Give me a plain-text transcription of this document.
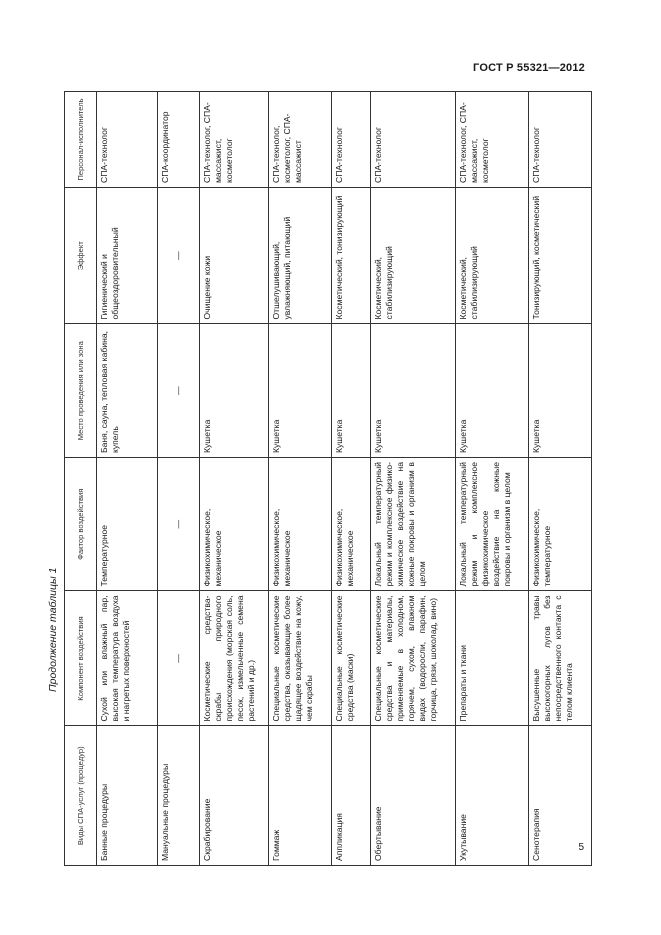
ГОСТ Р 55321—2012
Продолжение таблицы 1
Виды СПА-услуг (процедур)	Компонент воздействия	Фактор воздействия	Место проведения или зона	Эффект	Персонал-исполнитель
Банные процедуры	Сухой или влажный пар, высокая температура воздуха и нагретых поверхностей	Температурное	Баня, сауна, тепловая кабина, купель	Гигиенический и общеоздоровительный	СПА-технолог
Мануальные процедуры	—	—	—	—	СПА-координатор
Скрабирование	Косметические средства-скрабы природного происхождения (морская соль, песок, измельченные семена растений и др.)	Физикохимическое, механическое	Кушетка	Очищение кожи	СПА-технолог, СПА-массажист, косметолог
Гоммаж	Специальные косметические средства, оказывающие более щадящее воздействие на кожу, чем скрабы	Физикохимическое, механическое	Кушетка	Отшелушивающий, увлажняющий, питающий	СПА-технолог, косметолог, СПА-массажист
Аппликация	Специальные косметические средства (маски)	Физикохимическое, механическое	Кушетка	Косметический, тонизирующий	СПА-технолог
Обертывание	Специальные косметические средства и материалы, применяемые в холодном, горячем, сухом, влажном видах (водоросли, парафин, горчица, грязи, шоколад, вино)	Локальный температурный режим и комплексное физико-химическое воздействие на кожные покровы и организм в целом	Кушетка	Косметический, стабилизирующий	СПА-технолог
Укутывание	Препараты и ткани	Локальный температурный режим и комплексное физикохимическое воздействие на кожные покровы и организм в целом	Кушетка	Косметический, стабилизирующий	СПА-технолог, СПА-массажист, косметолог
Сенотерапия	Высушенные травы высокогорных лугов без непосредственного контакта с телом клиента	Физикохимическое, температурное	Кушетка	Тонизирующий, косметический	СПА-технолог
5
